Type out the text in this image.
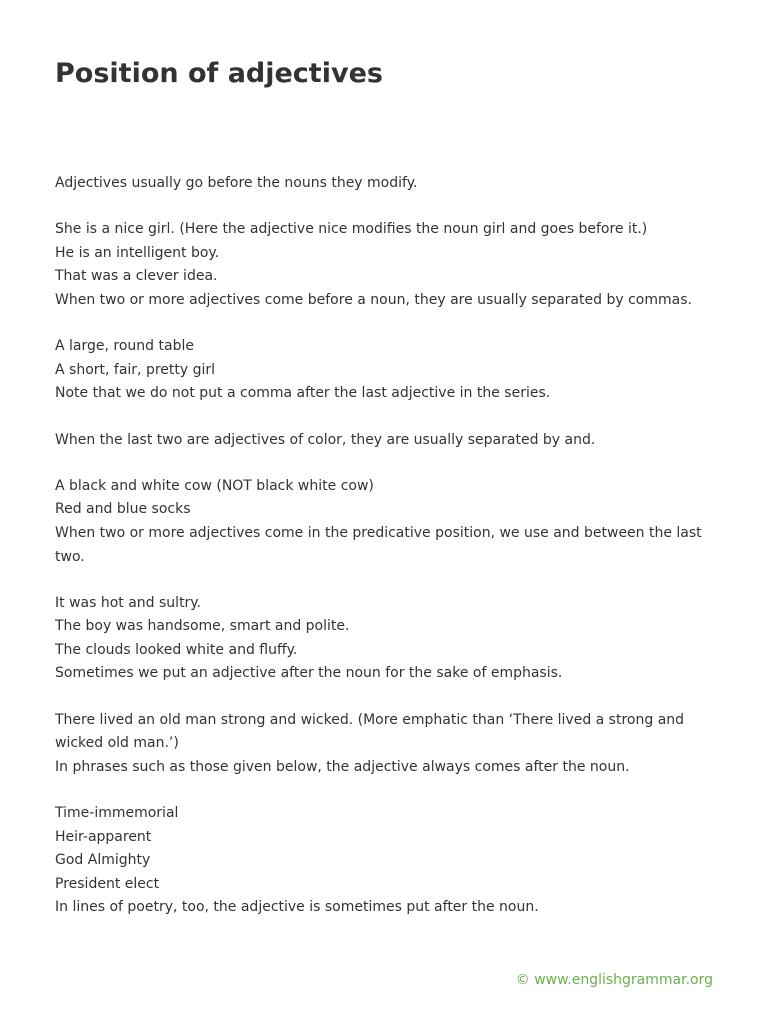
Position of adjectives

Adjectives usually go before the nouns they modify.

She is a nice girl. (Here the adjective nice modifies the noun girl and goes before it.)
He is an intelligent boy.
That was a clever idea.
When two or more adjectives come before a noun, they are usually separated by commas.

A large, round table
A short, fair, pretty girl
Note that we do not put a comma after the last adjective in the series.

When the last two are adjectives of color, they are usually separated by and.

A black and white cow (NOT black white cow)
Red and blue socks
When two or more adjectives come in the predicative position, we use and between the last two.

It was hot and sultry.
The boy was handsome, smart and polite.
The clouds looked white and fluffy.
Sometimes we put an adjective after the noun for the sake of emphasis.

There lived an old man strong and wicked. (More emphatic than ‘There lived a strong and wicked old man.’)
In phrases such as those given below, the adjective always comes after the noun.

Time-immemorial
Heir-apparent
God Almighty
President elect
In lines of poetry, too, the adjective is sometimes put after the noun.

© www.englishgrammar.org
